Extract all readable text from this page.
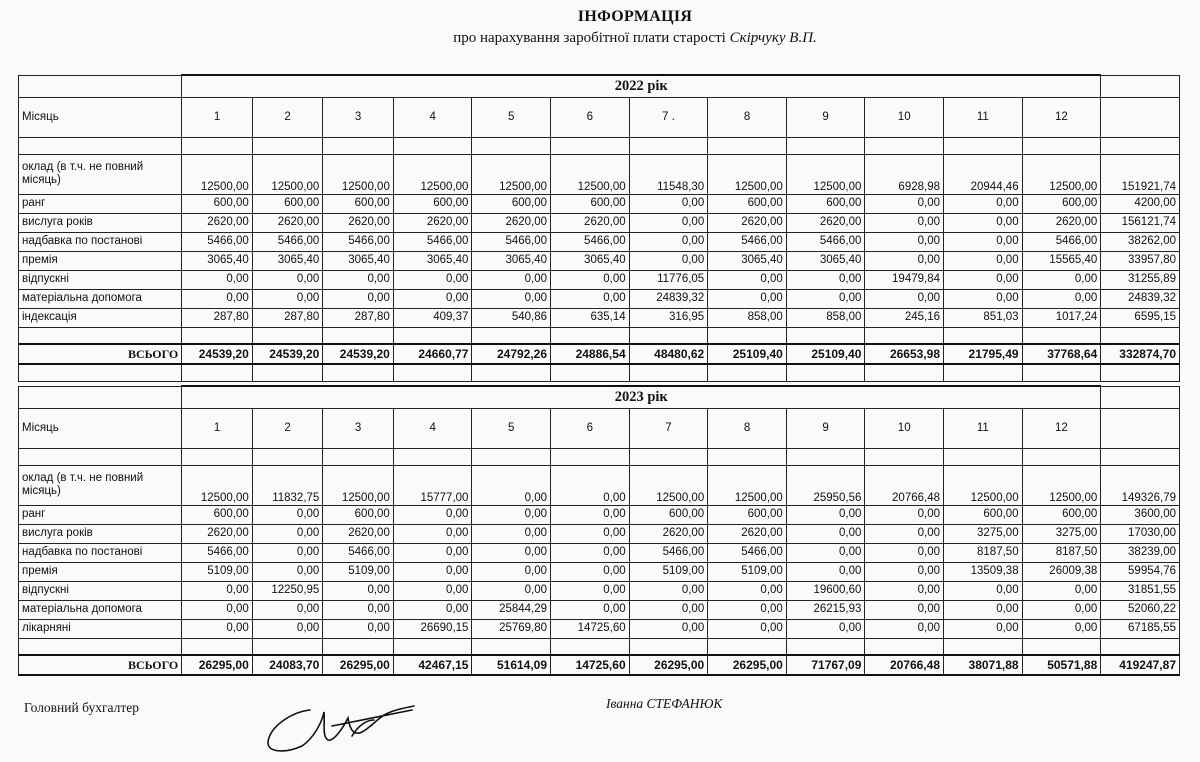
ІНФОРМАЦІЯ
про нарахування заробітної плати старості Скірчуку В.П.
	2022 рік												
Місяць	1	2	3	4	5	6	7 .	8	9	10	11	12	

оклад (в т.ч. не повний місяць)	12500,00	12500,00	12500,00	12500,00	12500,00	12500,00	11548,30	12500,00	12500,00	6928,98	20944,46	12500,00	151921,74
ранг	600,00	600,00	600,00	600,00	600,00	600,00	0,00	600,00	600,00	0,00	0,00	600,00	4200,00
вислуга років	2620,00	2620,00	2620,00	2620,00	2620,00	2620,00	0,00	2620,00	2620,00	0,00	0,00	2620,00	156121,74
надбавка по постанові	5466,00	5466,00	5466,00	5466,00	5466,00	5466,00	0,00	5466,00	5466,00	0,00	0,00	5466,00	38262,00
премія	3065,40	3065,40	3065,40	3065,40	3065,40	3065,40	0,00	3065,40	3065,40	0,00	0,00	15565,40	33957,80
відпускні	0,00	0,00	0,00	0,00	0,00	0,00	11776,05	0,00	0,00	19479,84	0,00	0,00	31255,89
матеріальна допомога	0,00	0,00	0,00	0,00	0,00	0,00	24839,32	0,00	0,00	0,00	0,00	0,00	24839,32
індексація	287,80	287,80	287,80	409,37	540,86	635,14	316,95	858,00	858,00	245,16	851,03	1017,24	6595,15

ВСЬОГО	24539,20	24539,20	24539,20	24660,77	24792,26	24886,54	48480,62	25109,40	25109,40	26653,98	21795,49	37768,64	332874,70

	2023 рік												
Місяць	1	2	3	4	5	6	7	8	9	10	11	12	

оклад (в т.ч. не повний місяць)	12500,00	11832,75	12500,00	15777,00	0,00	0,00	12500,00	12500,00	25950,56	20766,48	12500,00	12500,00	149326,79
ранг	600,00	0,00	600,00	0,00	0,00	0,00	600,00	600,00	0,00	0,00	600,00	600,00	3600,00
вислуга років	2620,00	0,00	2620,00	0,00	0,00	0,00	2620,00	2620,00	0,00	0,00	3275,00	3275,00	17030,00
надбавка по постанові	5466,00	0,00	5466,00	0,00	0,00	0,00	5466,00	5466,00	0,00	0,00	8187,50	8187,50	38239,00
премія	5109,00	0,00	5109,00	0,00	0,00	0,00	5109,00	5109,00	0,00	0,00	13509,38	26009,38	59954,76
відпускні	0,00	12250,95	0,00	0,00	0,00	0,00	0,00	0,00	19600,60	0,00	0,00	0,00	31851,55
матеріальна допомога	0,00	0,00	0,00	0,00	25844,29	0,00	0,00	0,00	26215,93	0,00	0,00	0,00	52060,22
лікарняні	0,00	0,00	0,00	26690,15	25769,80	14725,60	0,00	0,00	0,00	0,00	0,00	0,00	67185,55

ВСЬОГО	26295,00	24083,70	26295,00	42467,15	51614,09	14725,60	26295,00	26295,00	71767,09	20766,48	38071,88	50571,88	419247,87
Головний бухгалтер	Іванна СТЕФАНЮК
